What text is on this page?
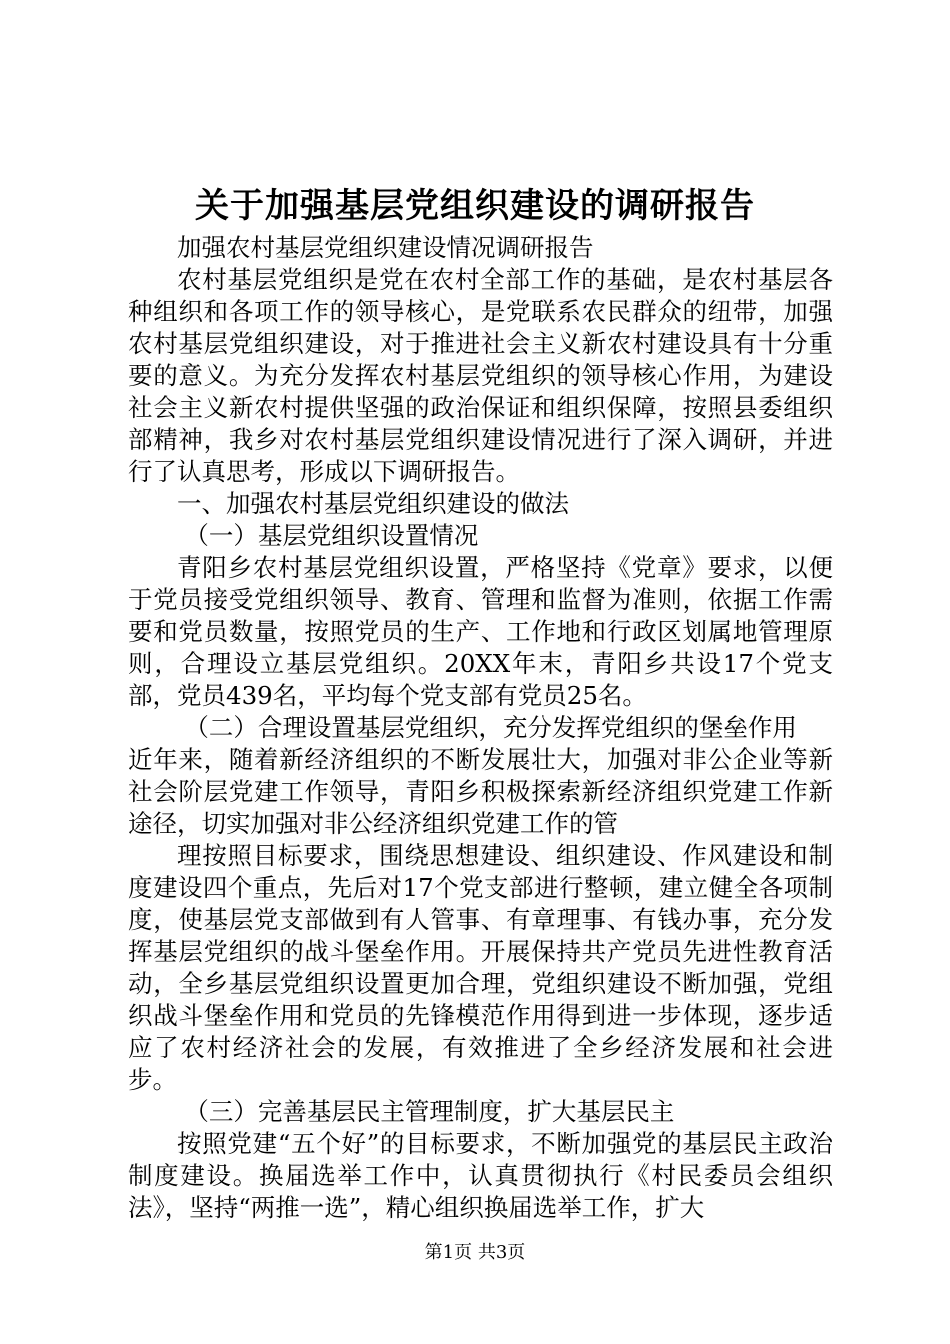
关于加强基层党组织建设的调研报告

加强农村基层党组织建设情况调研报告

农村基层党组织是党在农村全部工作的基础，是农村基层各种组织和各项工作的领导核心，是党联系农民群众的纽带，加强农村基层党组织建设，对于推进社会主义新农村建设具有十分重要的意义。为充分发挥农村基层党组织的领导核心作用，为建设社会主义新农村提供坚强的政治保证和组织保障，按照县委组织部精神，我乡对农村基层党组织建设情况进行了深入调研，并进行了认真思考，形成以下调研报告。

一、加强农村基层党组织建设的做法

（一）基层党组织设置情况

青阳乡农村基层党组织设置，严格坚持《党章》要求，以便于党员接受党组织领导、教育、管理和监督为准则，依据工作需要和党员数量，按照党员的生产、工作地和行政区划属地管理原则，合理设立基层党组织。20XX年末，青阳乡共设17个党支部，党员439名，平均每个党支部有党员25名。

（二）合理设置基层党组织，充分发挥党组织的堡垒作用

近年来，随着新经济组织的不断发展壮大，加强对非公企业等新社会阶层党建工作领导，青阳乡积极探索新经济组织党建工作新途径，切实加强对非公经济组织党建工作的管

理按照目标要求，围绕思想建设、组织建设、作风建设和制度建设四个重点，先后对17个党支部进行整顿，建立健全各项制度，使基层党支部做到有人管事、有章理事、有钱办事，充分发挥基层党组织的战斗堡垒作用。开展保持共产党员先进性教育活动，全乡基层党组织设置更加合理，党组织建设不断加强，党组织战斗堡垒作用和党员的先锋模范作用得到进一步体现，逐步适应了农村经济社会的发展，有效推进了全乡经济发展和社会进步。

（三）完善基层民主管理制度，扩大基层民主

按照党建“五个好”的目标要求，不断加强党的基层民主政治制度建设。换届选举工作中，认真贯彻执行《村民委员会组织法》，坚持“两推一选”，精心组织换届选举工作，扩大

第1页 共3页
